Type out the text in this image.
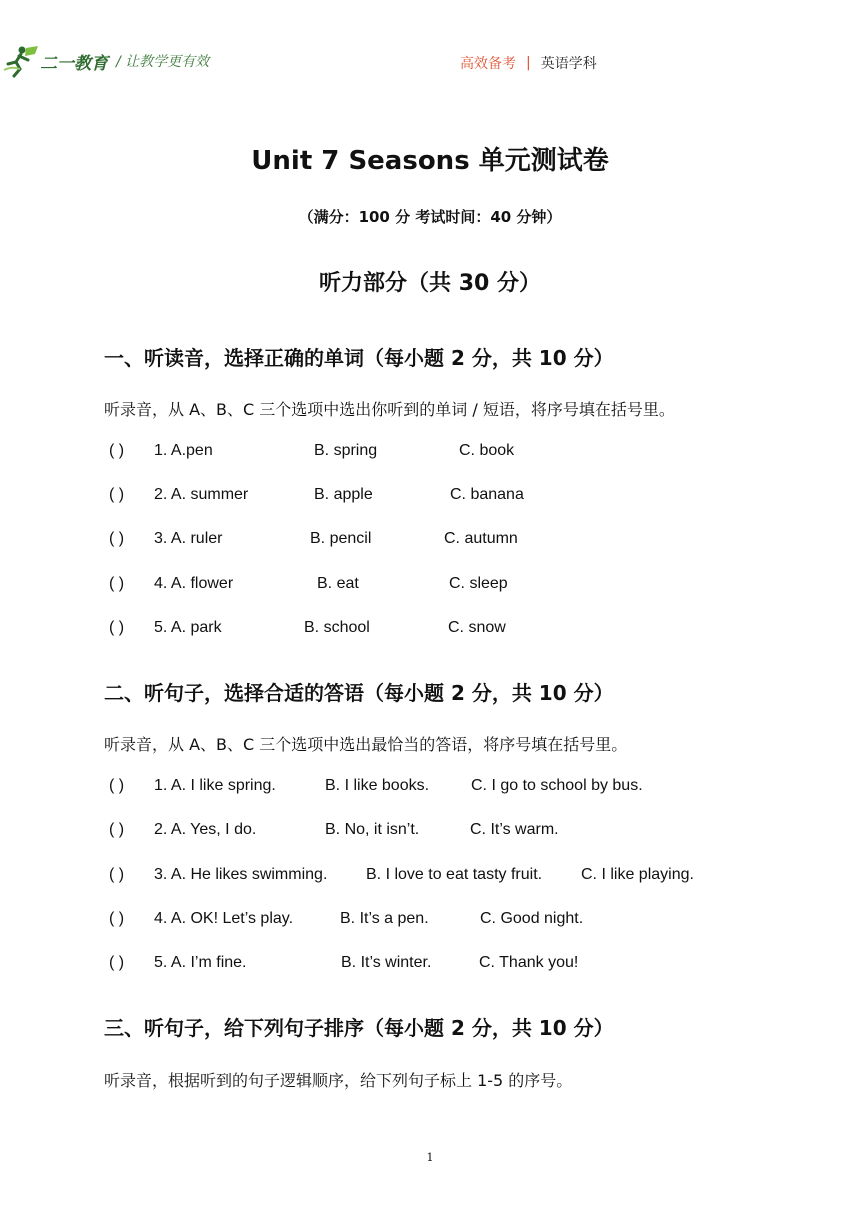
二一教育 / 让教学更有效	高效备考 | 英语学科
Unit 7 Seasons 单元测试卷
（满分：100 分 考试时间：40 分钟）
听力部分（共 30 分）
一、听读音，选择正确的单词（每小题 2 分，共 10 分）
听录音，从 A、B、C 三个选项中选出你听到的单词 / 短语，将序号填在括号里。
( ) 1. A.pen	B. spring	C. book
( ) 2. A. summer	B. apple	C. banana
( ) 3. A. ruler	B. pencil	C. autumn
( ) 4. A. flower	B. eat	C. sleep
( ) 5. A. park	B. school	C. snow
二、听句子，选择合适的答语（每小题 2 分，共 10 分）
听录音，从 A、B、C 三个选项中选出最恰当的答语，将序号填在括号里。
( ) 1. A. I like spring.	B. I like books.	C. I go to school by bus.
( ) 2. A. Yes, I do.	B. No, it isn’t.	C. It’s warm.
( ) 3. A. He likes swimming. B. I love to eat tasty fruit. C. I like playing.
( ) 4. A. OK! Let’s play.	B. It’s a pen.	C. Good night.
( ) 5. A. I’m fine.	B. It’s winter.	C. Thank you!
三、听句子，给下列句子排序（每小题 2 分，共 10 分）
听录音，根据听到的句子逻辑顺序，给下列句子标上 1-5 的序号。
1
